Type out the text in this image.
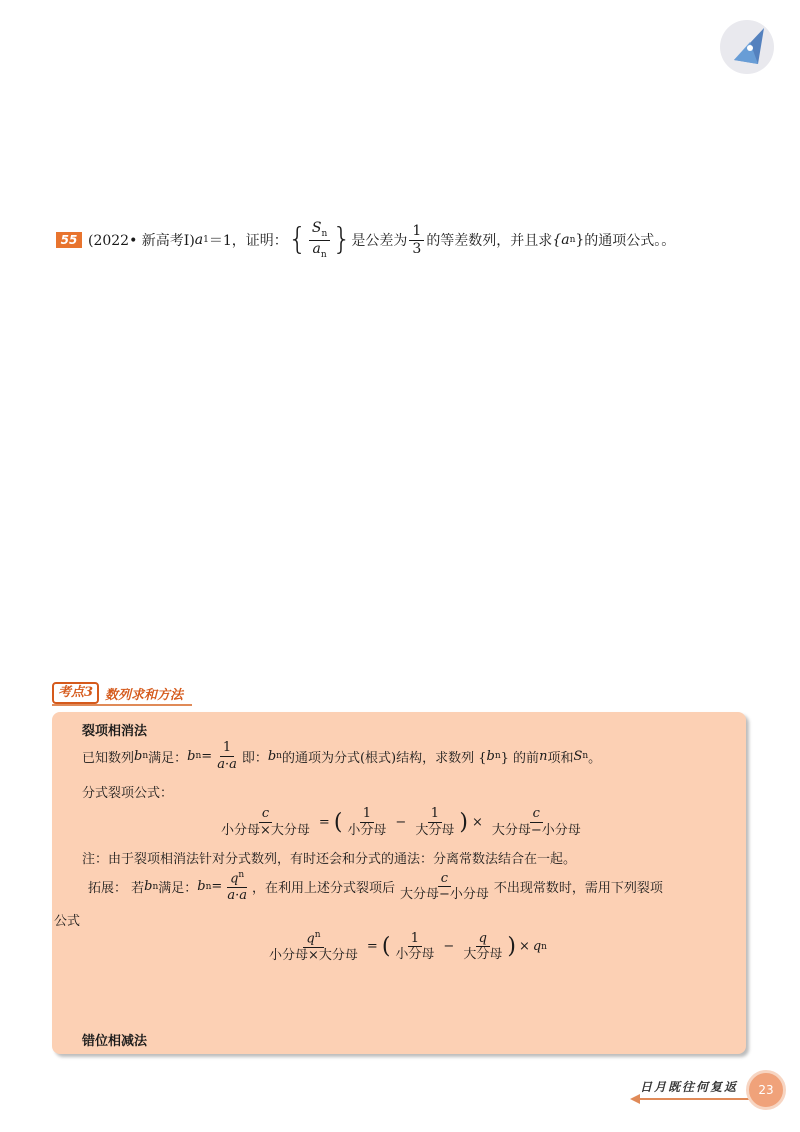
55 (2022• 新高考Ⅰ) a 1 ＝1，证明： { $\frac{S_n}{a_n}$ } 是公差为 $\frac{1}{3}$ 的等差数列，并且求 {a n } 的通项公式。。
考点3 数列求和方法
裂项相消法
已知数列 b n 满足： b $n = \frac{1}{a\cdot a}$ 即： b n 的通项为分式(根式)结构，求数列 { b n } 的前 n 项和 S n 。
分式裂项公式：
$\frac{c}{\text{小分母×大分母}}$ = ( $\frac{1}{\text{小分母}} - \frac{1}{\text{大分母}}$ ) × $\frac{c}{\text{大分母−小分母}}$
注：由于裂项相消法针对分式数列，有时还会和分式的通法：分离常数法结合在一起。
拓展： 若 b n 满足： b $n = \frac{q^n}{a\cdot a}$ ，在利用上述分式裂项后 $\frac{c}{\text{大分母−小分母}}$ 不出现常数时，需用下列裂项
公式
$\frac{q^n}{\text{小分母×大分母}}$ = ( $\frac{1}{\text{小分母}} - \frac{q}{\text{大分母}}$ ) × q n
错位相减法
日月既往何复返	23
